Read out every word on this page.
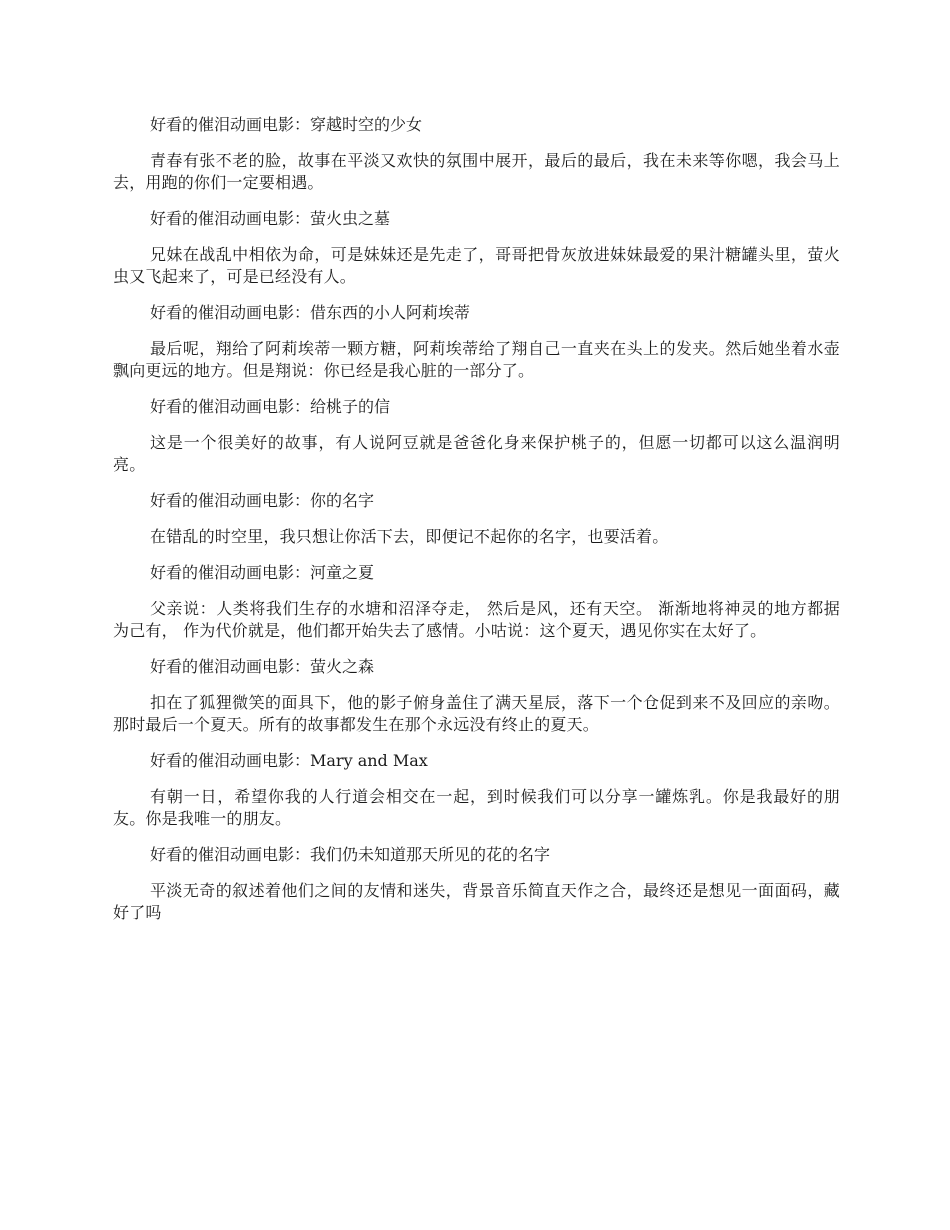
好看的催泪动画电影：穿越时空的少女

青春有张不老的脸，故事在平淡又欢快的氛围中展开，最后的最后，我在未来等你嗯，我会马上去，用跑的你们一定要相遇。

好看的催泪动画电影：萤火虫之墓

兄妹在战乱中相依为命，可是妹妹还是先走了，哥哥把骨灰放进妹妹最爱的果汁糖罐头里，萤火虫又飞起来了，可是已经没有人。

好看的催泪动画电影：借东西的小人阿莉埃蒂

最后呢，翔给了阿莉埃蒂一颗方糖，阿莉埃蒂给了翔自己一直夹在头上的发夹。然后她坐着水壶飘向更远的地方。但是翔说：你已经是我心脏的一部分了。

好看的催泪动画电影：给桃子的信

这是一个很美好的故事，有人说阿豆就是爸爸化身来保护桃子的，但愿一切都可以这么温润明亮。

好看的催泪动画电影：你的名字

在错乱的时空里，我只想让你活下去，即便记不起你的名字，也要活着。

好看的催泪动画电影：河童之夏

父亲说：人类将我们生存的水塘和沼泽夺走， 然后是风，还有天空。 渐渐地将神灵的地方都据为己有， 作为代价就是，他们都开始失去了感情。小咕说：这个夏天，遇见你实在太好了。

好看的催泪动画电影：萤火之森

扣在了狐狸微笑的面具下，他的影子俯身盖住了满天星辰，落下一个仓促到来不及回应的亲吻。那时最后一个夏天。所有的故事都发生在那个永远没有终止的夏天。

好看的催泪动画电影：Mary and Max

有朝一日，希望你我的人行道会相交在一起，到时候我们可以分享一罐炼乳。你是我最好的朋友。你是我唯一的朋友。

好看的催泪动画电影：我们仍未知道那天所见的花的名字

平淡无奇的叙述着他们之间的友情和迷失，背景音乐简直天作之合，最终还是想见一面面码，藏好了吗
